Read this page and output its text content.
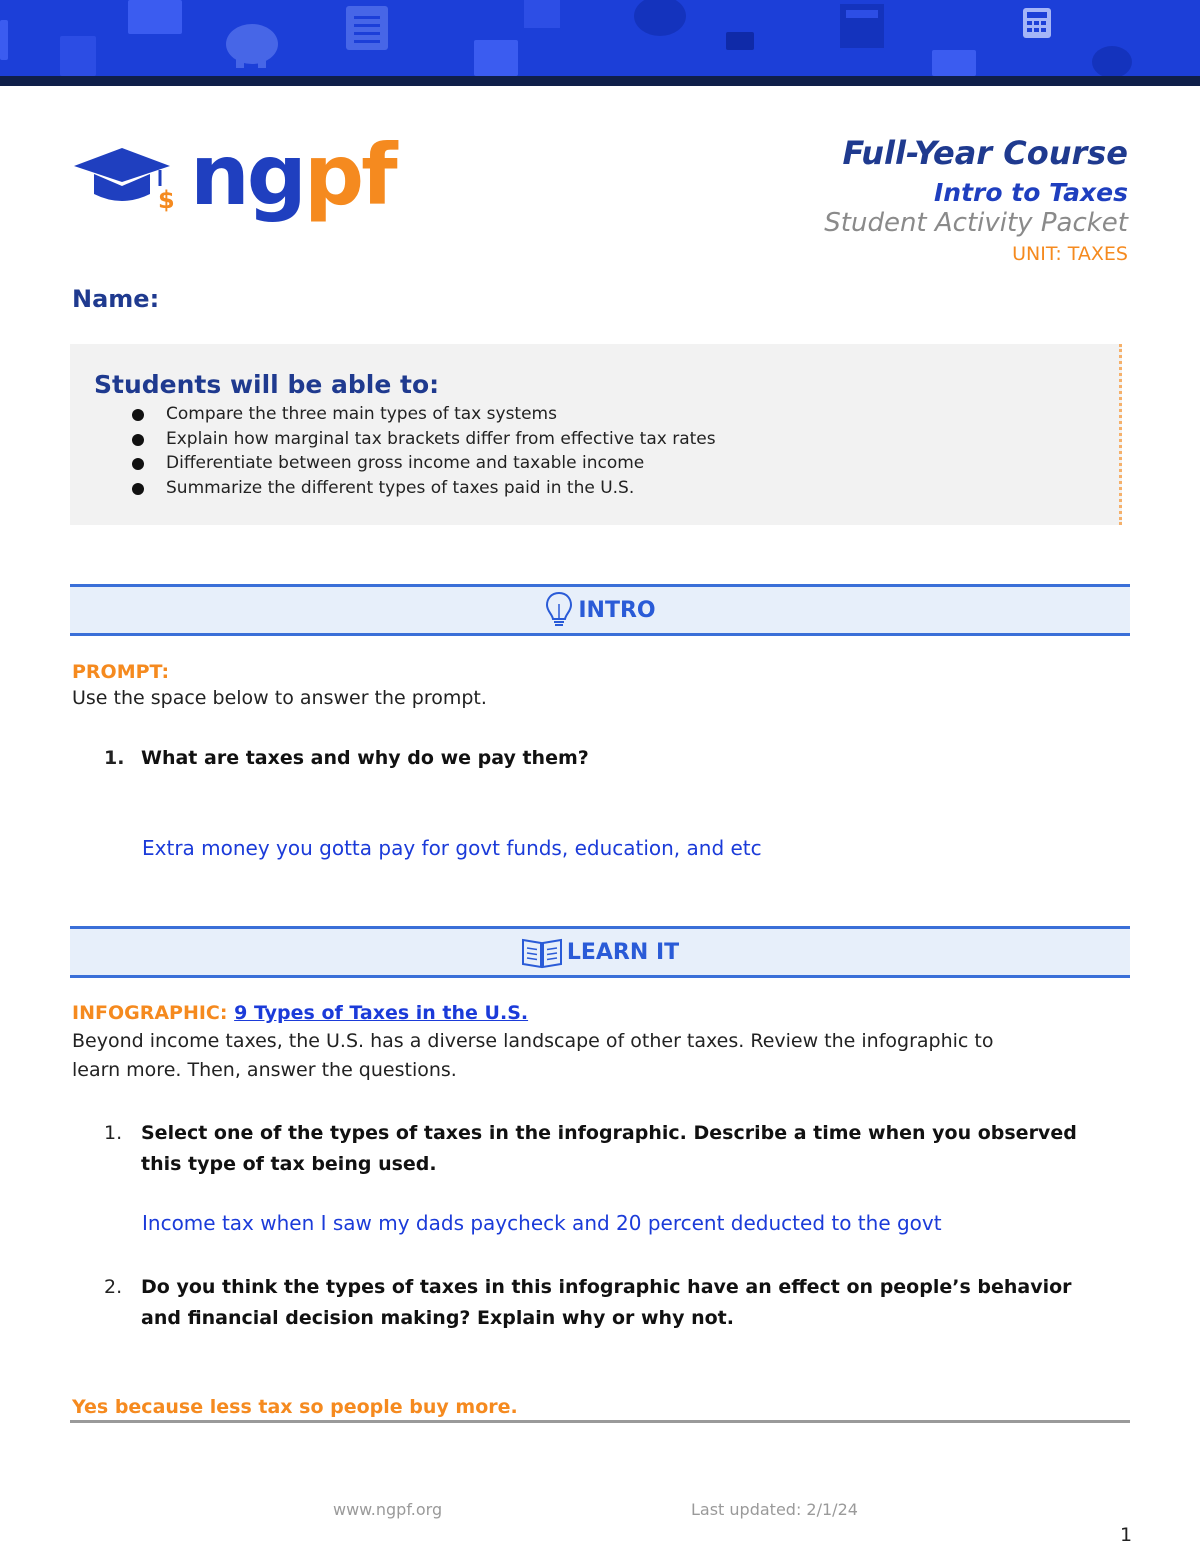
$ ngpf	Full-Year Course
Intro to Taxes
Student Activity Packet
UNIT: TAXES
Name:
Students will be able to:
Compare the three main types of tax systems
Explain how marginal tax brackets differ from effective tax rates
Differentiate between gross income and taxable income
Summarize the different types of taxes paid in the U.S.
INTRO
PROMPT:
Use the space below to answer the prompt.
1. What are taxes and why do we pay them?
Extra money you gotta pay for govt funds, education, and etc
LEARN IT
INFOGRAPHIC: 9 Types of Taxes in the U.S.
Beyond income taxes, the U.S. has a diverse landscape of other taxes. Review the infographic to
learn more. Then, answer the questions.
1. Select one of the types of taxes in the infographic. Describe a time when you observed
this type of tax being used.
Income tax when I saw my dads paycheck and 20 percent deducted to the govt
2. Do you think the types of taxes in this infographic have an effect on people’s behavior
and financial decision making? Explain why or why not.
Yes because less tax so people buy more.
www.ngpf.org	Last updated: 2/1/24
1
